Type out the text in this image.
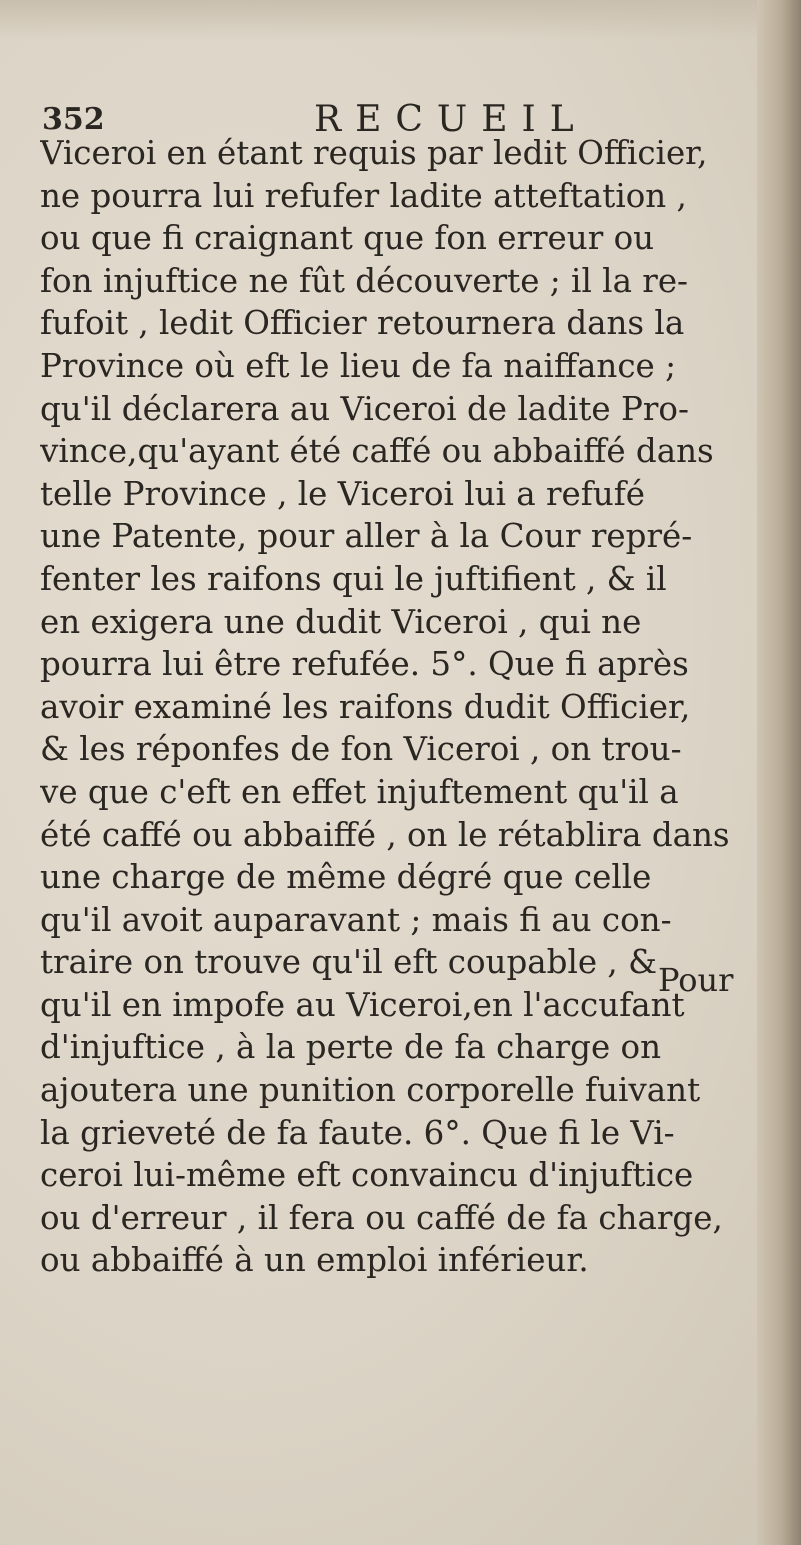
352	RECUEIL
Viceroi en étant requis par ledit Officier,
ne pourra lui refufer ladite atteftation ,
ou que fi craignant que fon erreur ou
fon injuftice ne fût découverte ; il la re-
fufoit , ledit Officier retournera dans la
Province où eft le lieu de fa naiffance ;
qu'il déclarera au Viceroi de ladite Pro-
vince,qu'ayant été caffé ou abbaiffé dans
telle Province , le Viceroi lui a refufé
une Patente, pour aller à la Cour repré-
fenter les raifons qui le juftifient , & il
en exigera une dudit Viceroi , qui ne
pourra lui être refufée. 5°. Que fi après
avoir examiné les raifons dudit Officier,
& les réponfes de fon Viceroi , on trou-
ve que c'eft en effet injuftement qu'il a
été caffé ou abbaiffé , on le rétablira dans
une charge de même dégré que celle
qu'il avoit auparavant ; mais fi au con-
traire on trouve qu'il eft coupable , &
qu'il en impofe au Viceroi,en l'accufant
d'injuftice , à la perte de fa charge on
ajoutera une punition corporelle fuivant
la grieveté de fa faute. 6°. Que fi le Vi-
ceroi lui-même eft convaincu d'injuftice
ou d'erreur , il fera ou caffé de fa charge,
ou abbaiffé à un emploi inférieur.
Pour
